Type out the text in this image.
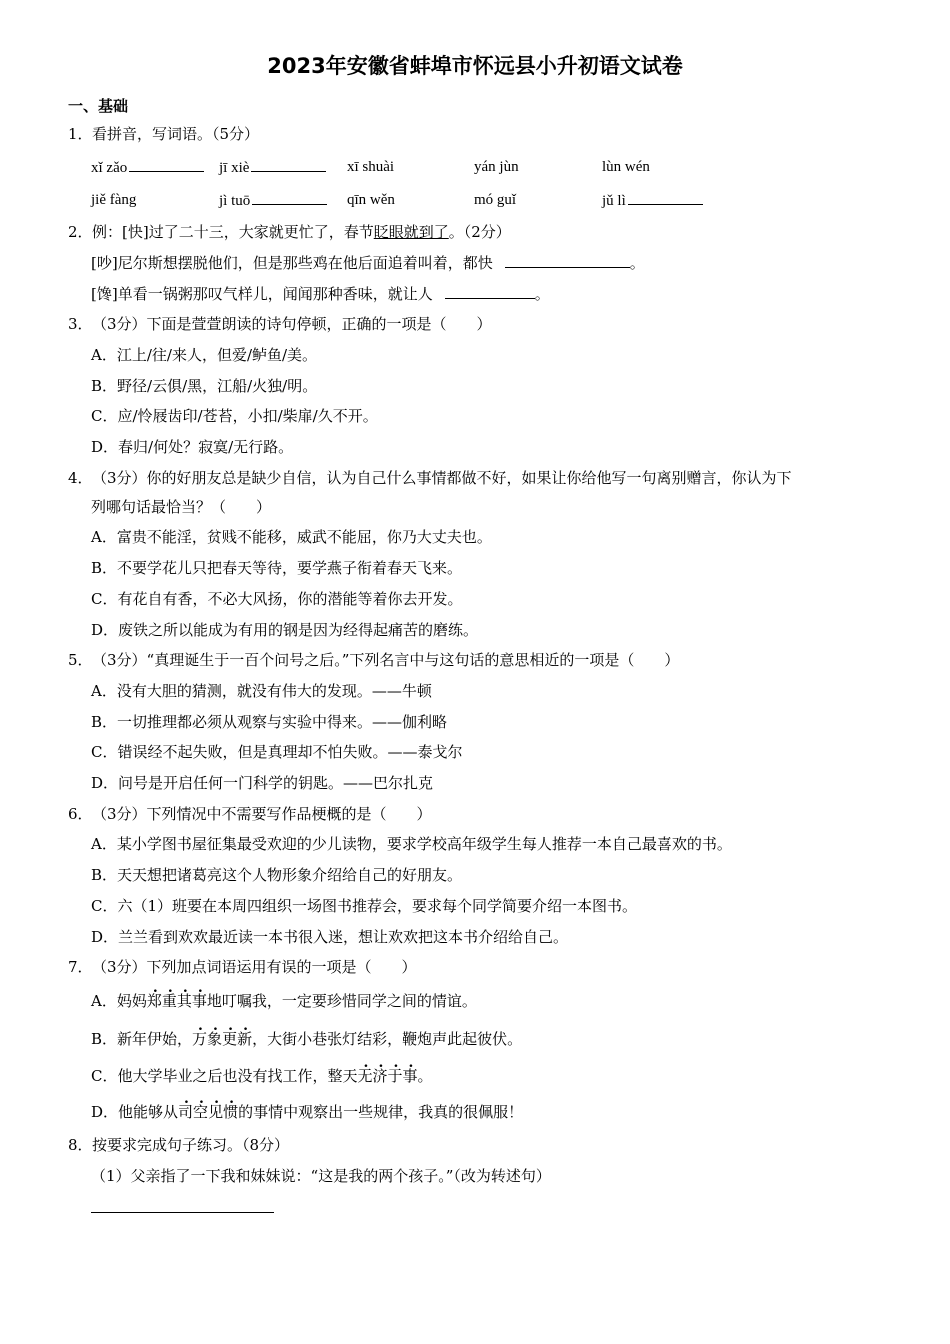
2023年安徽省蚌埠市怀远县小升初语文试卷
一、基础
1．看拼音，写词语。（5分）
xǐ zǎo	jī xiè	xī shuài	yán jùn	lùn wén
jiě fàng	jì tuō	qīn wěn	mó guǐ	jǔ lì
2．例：[快]过了二十三，大家就更忙了，春节眨眼就到了。（2分）
[吵]尼尔斯想摆脱他们，但是那些鸡在他后面追着叫着，都快	。
[馋]单看一锅粥那叹气样儿，闻闻那种香味，就让人	。
3．（3分）下面是萱萱朗读的诗句停顿，正确的一项是（　　）
A．江上/往/来人，但爱/鲈鱼/美。
B．野径/云俱/黑，江船/火独/明。
C．应/怜屐齿印/苍苔，小扣/柴扉/久不开。
D．春归/何处？寂寞/无行路。
4．（3分）你的好朋友总是缺少自信，认为自己什么事情都做不好，如果让你给他写一句离别赠言，你认为下
列哪句话最恰当？（　　）
A．富贵不能淫，贫贱不能移，威武不能屈，你乃大丈夫也。
B．不要学花儿只把春天等待，要学燕子衔着春天飞来。
C．有花自有香，不必大风扬，你的潜能等着你去开发。
D．废铁之所以能成为有用的钢是因为经得起痛苦的磨练。
5．（3分）“真理诞生于一百个问号之后。”下列名言中与这句话的意思相近的一项是（　　）
A．没有大胆的猜测，就没有伟大的发现。——牛顿
B．一切推理都必须从观察与实验中得来。——伽利略
C．错误经不起失败，但是真理却不怕失败。——泰戈尔
D．问号是开启任何一门科学的钥匙。——巴尔扎克
6．（3分）下列情况中不需要写作品梗概的是（　　）
A．某小学图书屋征集最受欢迎的少儿读物，要求学校高年级学生每人推荐一本自己最喜欢的书。
B．天天想把诸葛亮这个人物形象介绍给自己的好朋友。
C．六（1）班要在本周四组织一场图书推荐会，要求每个同学简要介绍一本图书。
D．兰兰看到欢欢最近读一本书很入迷，想让欢欢把这本书介绍给自己。
7．（3分）下列加点词语运用有误的一项是（　　）
A．妈妈郑重其事地叮嘱我，一定要珍惜同学之间的情谊。
B．新年伊始，万象更新，大街小巷张灯结彩，鞭炮声此起彼伏。
C．他大学毕业之后也没有找工作，整天无济于事。
D．他能够从司空见惯的事情中观察出一些规律，我真的很佩服！
8．按要求完成句子练习。（8分）
（1）父亲指了一下我和妹妹说：“这是我的两个孩子。”（改为转述句）
